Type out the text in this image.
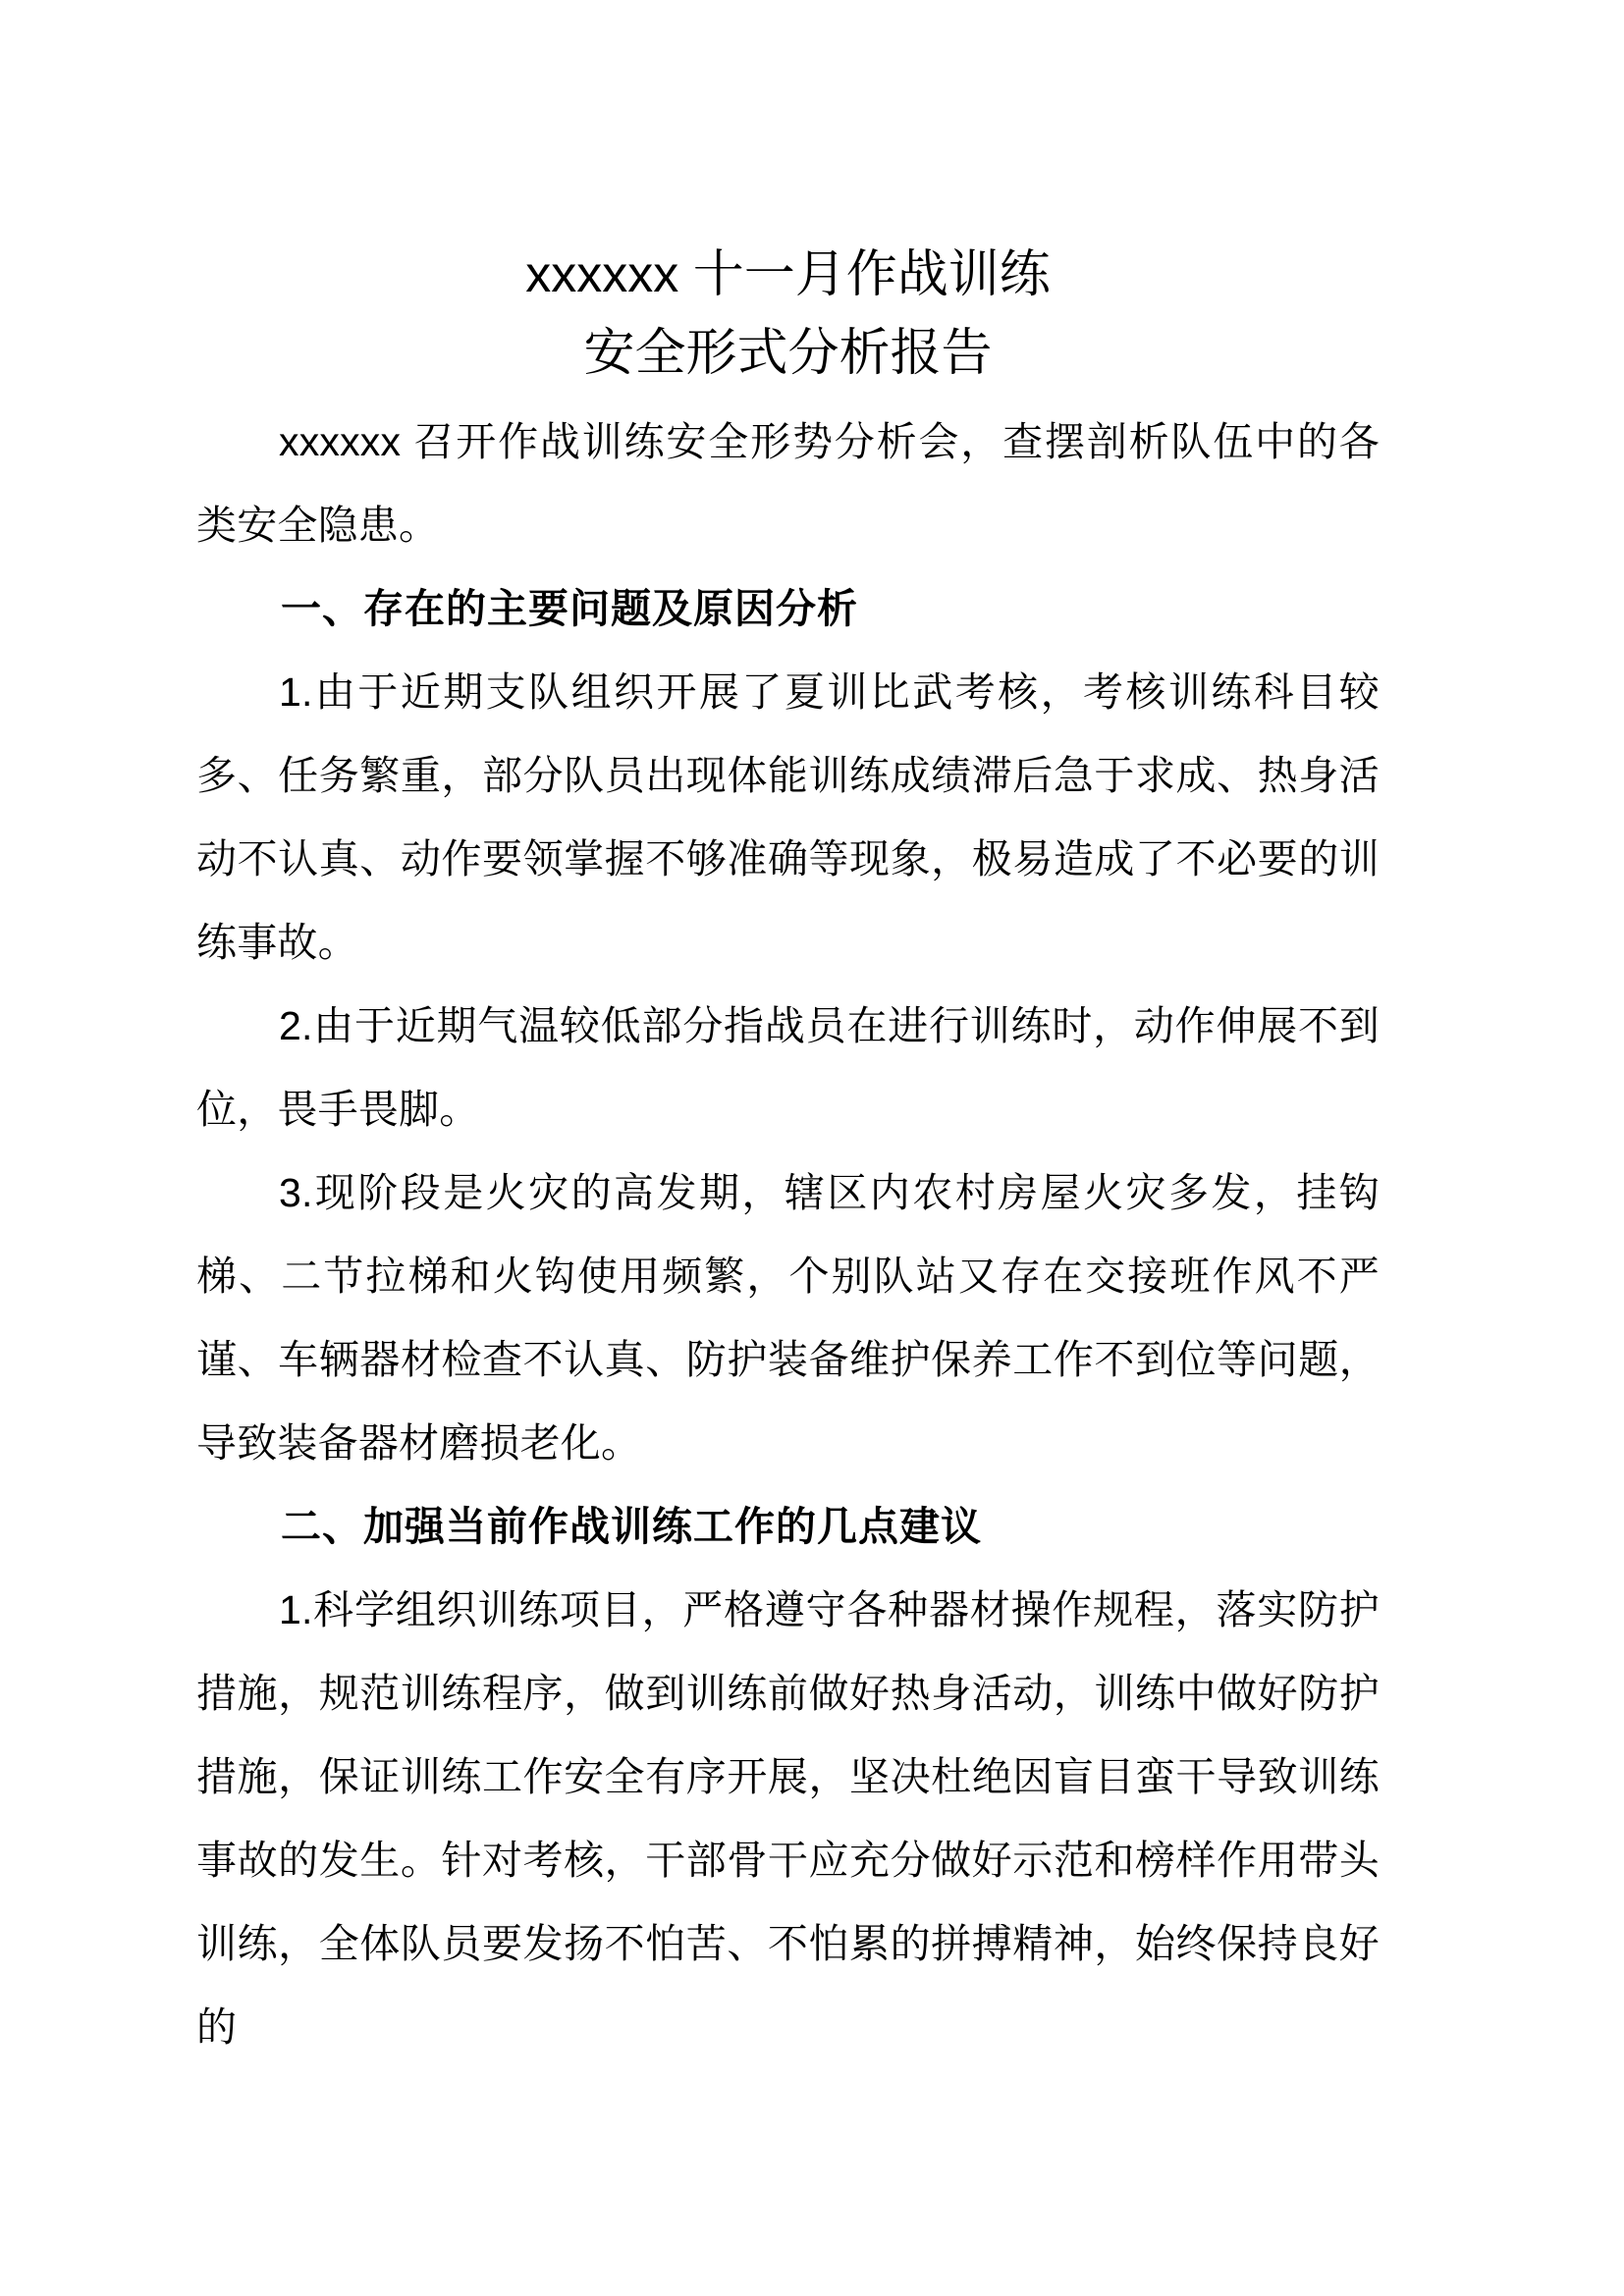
xxxxxx 十一月作战训练
安全形式分析报告

xxxxxx 召开作战训练安全形势分析会，查摆剖析队伍中的各类安全隐患。

一、存在的主要问题及原因分析

1.由于近期支队组织开展了夏训比武考核，考核训练科目较多、任务繁重，部分队员出现体能训练成绩滞后急于求成、热身活动不认真、动作要领掌握不够准确等现象，极易造成了不必要的训练事故。

2.由于近期气温较低部分指战员在进行训练时，动作伸展不到位，畏手畏脚。

3.现阶段是火灾的高发期，辖区内农村房屋火灾多发，挂钩梯、二节拉梯和火钩使用频繁，个别队站又存在交接班作风不严谨、车辆器材检查不认真、防护装备维护保养工作不到位等问题，导致装备器材磨损老化。

二、加强当前作战训练工作的几点建议

1.科学组织训练项目，严格遵守各种器材操作规程，落实防护措施，规范训练程序，做到训练前做好热身活动，训练中做好防护措施，保证训练工作安全有序开展，坚决杜绝因盲目蛮干导致训练事故的发生。针对考核，干部骨干应充分做好示范和榜样作用带头训练，全体队员要发扬不怕苦、不怕累的拼搏精神，始终保持良好的
